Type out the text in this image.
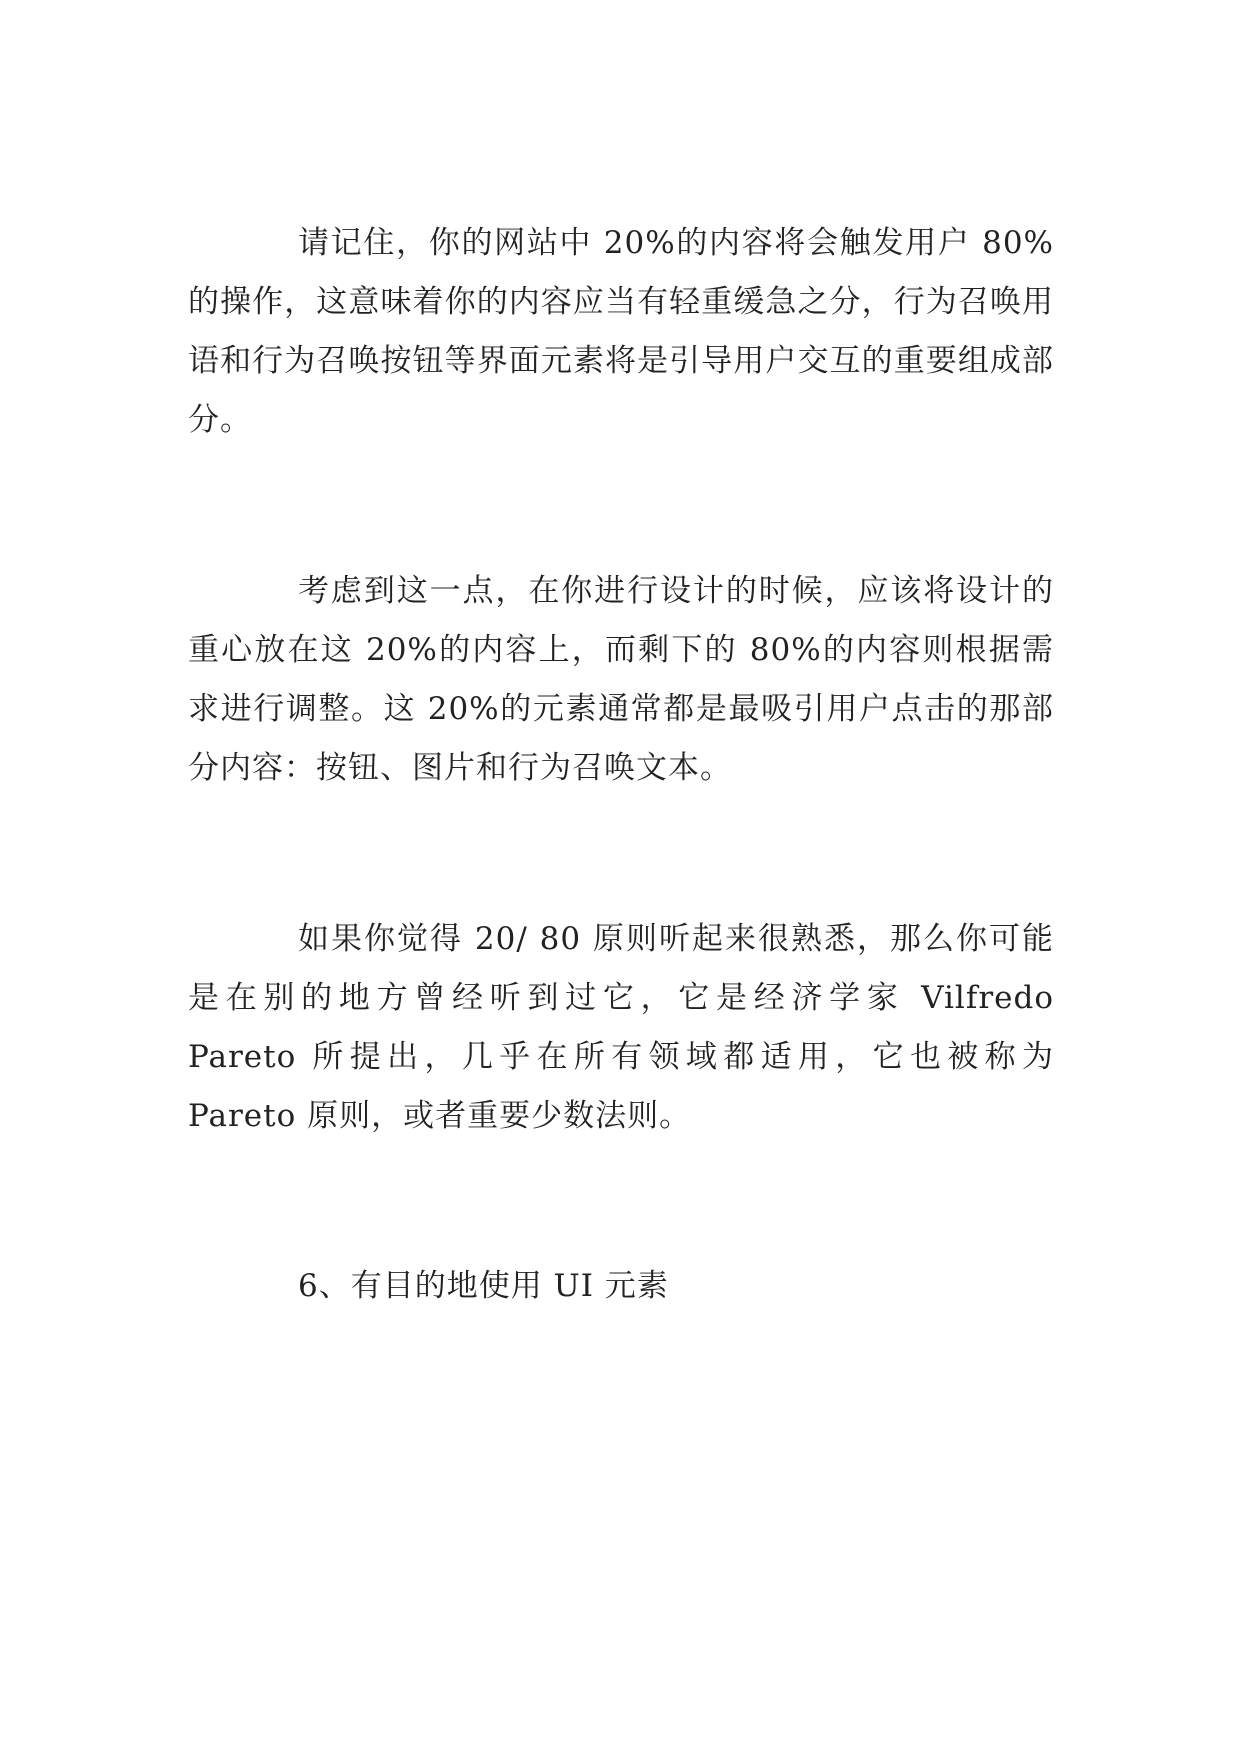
请记住，你的网站中 20%的内容将会触发用户 80%的操作，这意味着你的内容应当有轻重缓急之分，行为召唤用语和行为召唤按钮等界面元素将是引导用户交互的重要组成部分。

考虑到这一点，在你进行设计的时候，应该将设计的重心放在这 20%的内容上，而剩下的 80%的内容则根据需求进行调整。这 20%的元素通常都是最吸引用户点击的那部分内容：按钮、图片和行为召唤文本。

如果你觉得 20/ 80 原则听起来很熟悉，那么你可能是在别的地方曾经听到过它，它是经济学家 Vilfredo Pareto 所提出，几乎在所有领域都适用，它也被称为 Pareto 原则，或者重要少数法则。

6、有目的地使用 UI 元素
